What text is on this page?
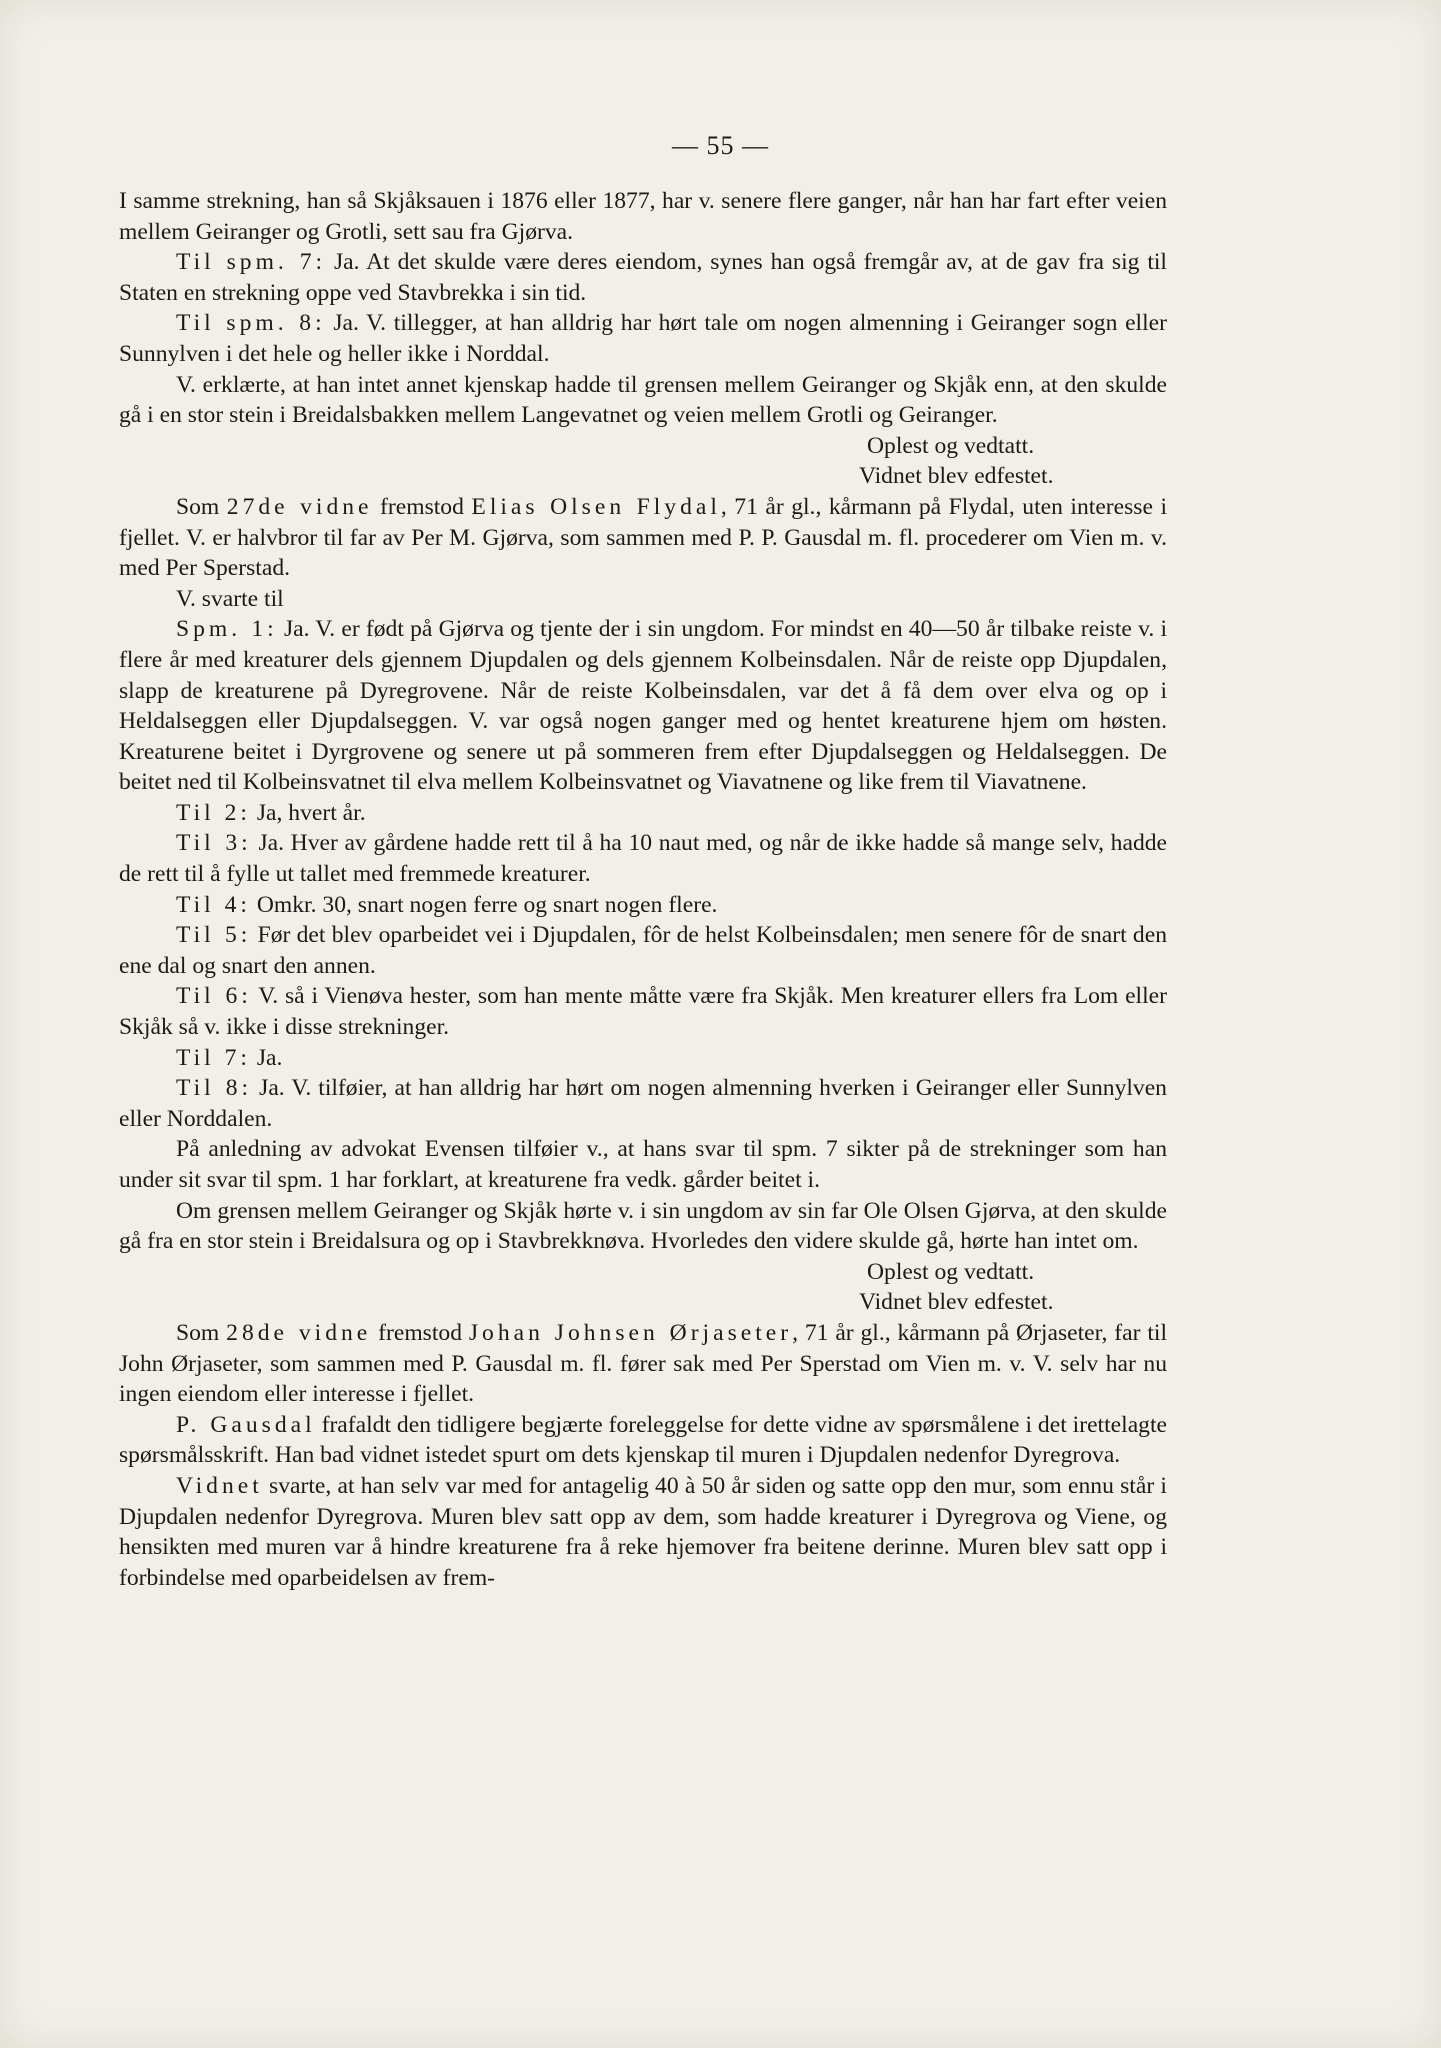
— 55 —

I samme strekning, han så Skjåksauen i 1876 eller 1877, har v. senere flere ganger, når han har fart efter veien mellem Geiranger og Grotli, sett sau fra Gjørva.

Til spm. 7: Ja. At det skulde være deres eiendom, synes han også fremgår av, at de gav fra sig til Staten en strekning oppe ved Stavbrekka i sin tid.

Til spm. 8: Ja. V. tillegger, at han alldrig har hørt tale om nogen almenning i Geiranger sogn eller Sunnylven i det hele og heller ikke i Norddal.

V. erklærte, at han intet annet kjenskap hadde til grensen mellem Geiranger og Skjåk enn, at den skulde gå i en stor stein i Breidalsbakken mellem Langevatnet og veien mellem Grotli og Geiranger.

Oplest og vedtatt.

Vidnet blev edfestet.

Som 27de vidne fremstod Elias Olsen Flydal, 71 år gl., kårmann på Flydal, uten interesse i fjellet. V. er halvbror til far av Per M. Gjørva, som sammen med P. P. Gausdal m. fl. procederer om Vien m. v. med Per Sperstad.

V. svarte til

Spm. 1: Ja. V. er født på Gjørva og tjente der i sin ungdom. For mindst en 40—50 år tilbake reiste v. i flere år med kreaturer dels gjennem Djupdalen og dels gjennem Kolbeinsdalen. Når de reiste opp Djupdalen, slapp de kreaturene på Dyregrovene. Når de reiste Kolbeinsdalen, var det å få dem over elva og op i Heldalseggen eller Djupdalseggen. V. var også nogen ganger med og hentet kreaturene hjem om høsten. Kreaturene beitet i Dyrgrovene og senere ut på sommeren frem efter Djupdalseggen og Heldalseggen. De beitet ned til Kolbeinsvatnet til elva mellem Kolbeinsvatnet og Viavatnene og like frem til Viavatnene.

Til 2: Ja, hvert år.

Til 3: Ja. Hver av gårdene hadde rett til å ha 10 naut med, og når de ikke hadde så mange selv, hadde de rett til å fylle ut tallet med fremmede kreaturer.

Til 4: Omkr. 30, snart nogen ferre og snart nogen flere.

Til 5: Før det blev oparbeidet vei i Djupdalen, fôr de helst Kolbeinsdalen; men senere fôr de snart den ene dal og snart den annen.

Til 6: V. så i Vienøva hester, som han mente måtte være fra Skjåk. Men kreaturer ellers fra Lom eller Skjåk så v. ikke i disse strekninger.

Til 7: Ja.

Til 8: Ja. V. tilføier, at han alldrig har hørt om nogen almenning hverken i Geiranger eller Sunnylven eller Norddalen.

På anledning av advokat Evensen tilføier v., at hans svar til spm. 7 sikter på de strekninger som han under sit svar til spm. 1 har forklart, at kreaturene fra vedk. gårder beitet i.

Om grensen mellem Geiranger og Skjåk hørte v. i sin ungdom av sin far Ole Olsen Gjørva, at den skulde gå fra en stor stein i Breidalsura og op i Stavbrekknøva. Hvorledes den videre skulde gå, hørte han intet om.

Oplest og vedtatt.

Vidnet blev edfestet.

Som 28de vidne fremstod Johan Johnsen Ørjaseter, 71 år gl., kårmann på Ørjaseter, far til John Ørjaseter, som sammen med P. Gausdal m. fl. fører sak med Per Sperstad om Vien m. v. V. selv har nu ingen eiendom eller interesse i fjellet.

P. Gausdal frafaldt den tidligere begjærte foreleggelse for dette vidne av spørsmålene i det irettelagte spørsmålsskrift. Han bad vidnet istedet spurt om dets kjenskap til muren i Djupdalen nedenfor Dyregrova.

Vidnet svarte, at han selv var med for antagelig 40 à 50 år siden og satte opp den mur, som ennu står i Djupdalen nedenfor Dyregrova. Muren blev satt opp av dem, som hadde kreaturer i Dyregrova og Viene, og hensikten med muren var å hindre kreaturene fra å reke hjemover fra beitene derinne. Muren blev satt opp i forbindelse med oparbeidelsen av frem-
